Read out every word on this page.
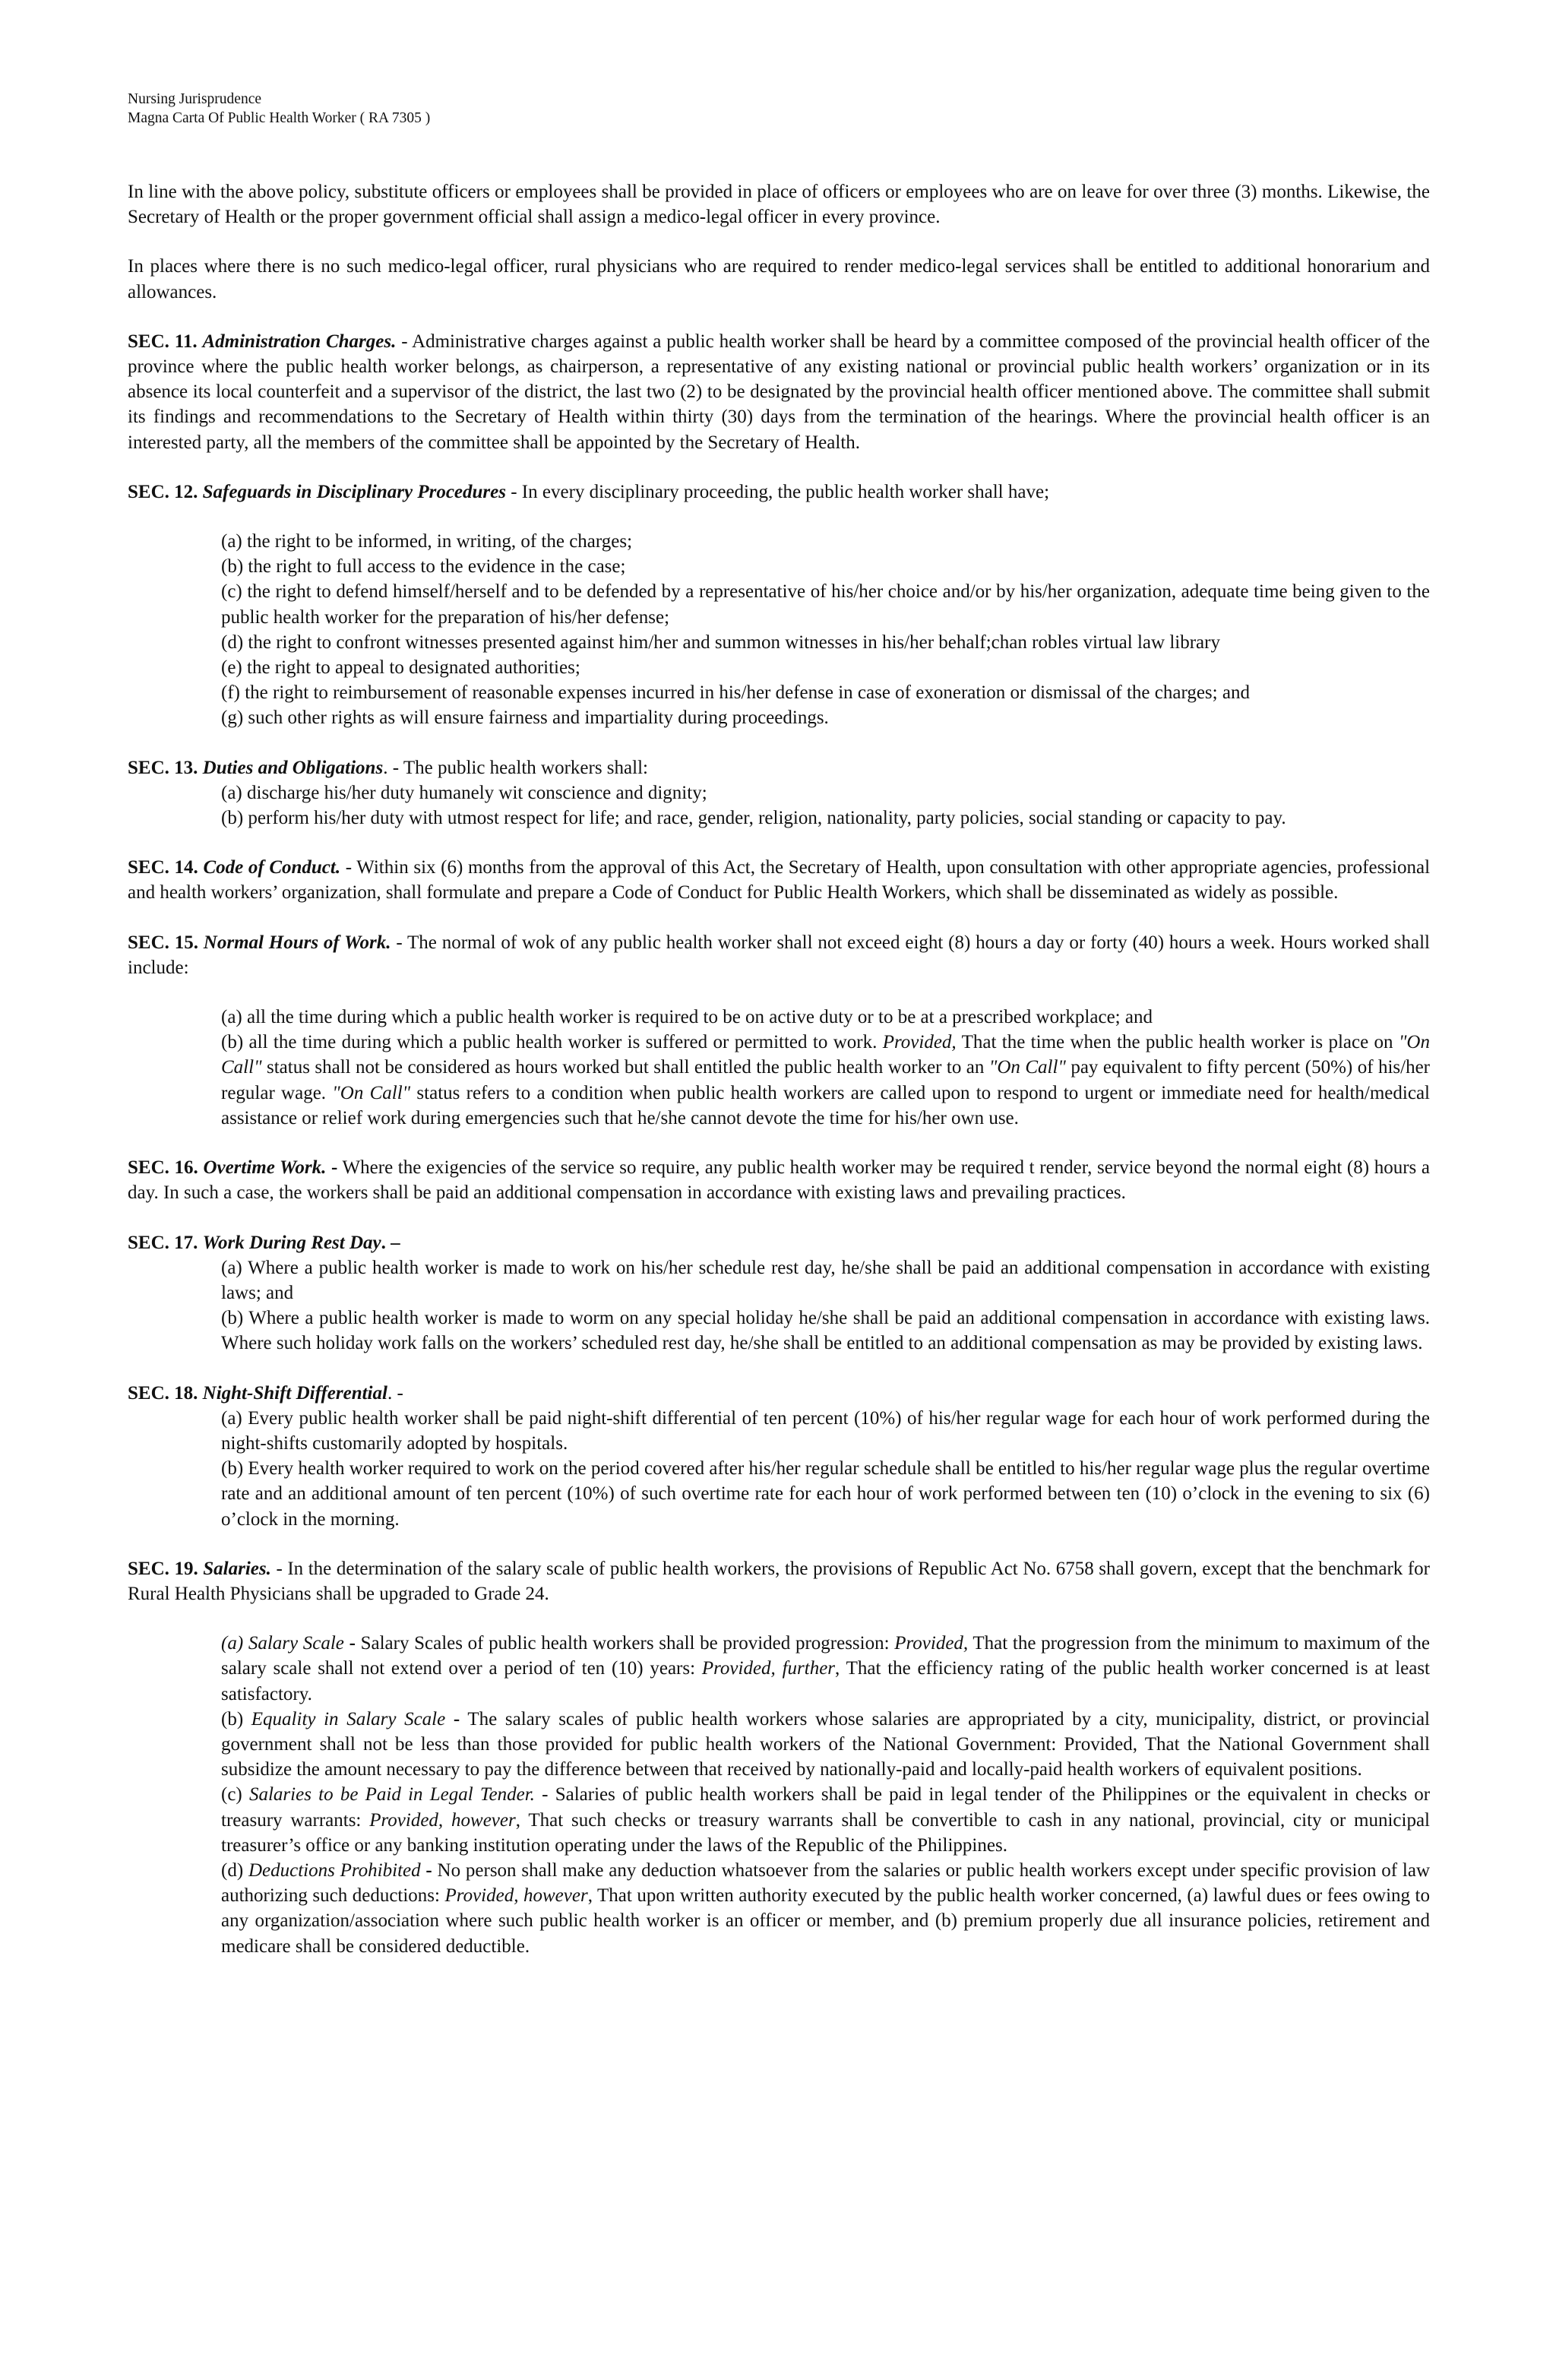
Nursing Jurisprudence
Magna Carta Of Public Health Worker ( RA 7305 )

In line with the above policy, substitute officers or employees shall be provided in place of officers or employees who are on leave for over three (3) months. Likewise, the Secretary of Health or the proper government official shall assign a medico-legal officer in every province.

In places where there is no such medico-legal officer, rural physicians who are required to render medico-legal services shall be entitled to additional honorarium and allowances.

SEC. 11. Administration Charges. - Administrative charges against a public health worker shall be heard by a committee composed of the provincial health officer of the province where the public health worker belongs, as chairperson, a representative of any existing national or provincial public health workers’ organization or in its absence its local counterfeit and a supervisor of the district, the last two (2) to be designated by the provincial health officer mentioned above. The committee shall submit its findings and recommendations to the Secretary of Health within thirty (30) days from the termination of the hearings. Where the provincial health officer is an interested party, all the members of the committee shall be appointed by the Secretary of Health.
SEC. 12. Safeguards in Disciplinary Procedures - In every disciplinary proceeding, the public health worker shall have;
(a) the right to be informed, in writing, of the charges;
(b) the right to full access to the evidence in the case;
(c) the right to defend himself/herself and to be defended by a representative of his/her choice and/or by his/her organization, adequate time being given to the public health worker for the preparation of his/her defense;
(d) the right to confront witnesses presented against him/her and summon witnesses in his/her behalf;chan robles virtual law library
(e) the right to appeal to designated authorities;
(f) the right to reimbursement of reasonable expenses incurred in his/her defense in case of exoneration or dismissal of the charges; and
(g) such other rights as will ensure fairness and impartiality during proceedings.
SEC. 13. Duties and Obligations. - The public health workers shall:
(a) discharge his/her duty humanely wit conscience and dignity;
(b) perform his/her duty with utmost respect for life; and race, gender, religion, nationality, party policies, social standing or capacity to pay.
SEC. 14. Code of Conduct. - Within six (6) months from the approval of this Act, the Secretary of Health, upon consultation with other appropriate agencies, professional and health workers’ organization, shall formulate and prepare a Code of Conduct for Public Health Workers, which shall be disseminated as widely as possible.
SEC. 15. Normal Hours of Work. - The normal of wok of any public health worker shall not exceed eight (8) hours a day or forty (40) hours a week. Hours worked shall include:
(a) all the time during which a public health worker is required to be on active duty or to be at a prescribed workplace; and
(b) all the time during which a public health worker is suffered or permitted to work. Provided, That the time when the public health worker is place on "On Call" status shall not be considered as hours worked but shall entitled the public health worker to an "On Call" pay equivalent to fifty percent (50%) of his/her regular wage. "On Call" status refers to a condition when public health workers are called upon to respond to urgent or immediate need for health/medical assistance or relief work during emergencies such that he/she cannot devote the time for his/her own use.
SEC. 16. Overtime Work. - Where the exigencies of the service so require, any public health worker may be required t render, service beyond the normal eight (8) hours a day. In such a case, the workers shall be paid an additional compensation in accordance with existing laws and prevailing practices.
SEC. 17. Work During Rest Day. –
(a) Where a public health worker is made to work on his/her schedule rest day, he/she shall be paid an additional compensation in accordance with existing laws; and
(b) Where a public health worker is made to worm on any special holiday he/she shall be paid an additional compensation in accordance with existing laws. Where such holiday work falls on the workers’ scheduled rest day, he/she shall be entitled to an additional compensation as may be provided by existing laws.
SEC. 18. Night-Shift Differential. -
(a) Every public health worker shall be paid night-shift differential of ten percent (10%) of his/her regular wage for each hour of work performed during the night-shifts customarily adopted by hospitals.
(b) Every health worker required to work on the period covered after his/her regular schedule shall be entitled to his/her regular wage plus the regular overtime rate and an additional amount of ten percent (10%) of such overtime rate for each hour of work performed between ten (10) o’clock in the evening to six (6) o’clock in the morning.
SEC. 19. Salaries. - In the determination of the salary scale of public health workers, the provisions of Republic Act No. 6758 shall govern, except that the benchmark for Rural Health Physicians shall be upgraded to Grade 24.
(a) Salary Scale - Salary Scales of public health workers shall be provided progression: Provided, That the progression from the minimum to maximum of the salary scale shall not extend over a period of ten (10) years: Provided, further, That the efficiency rating of the public health worker concerned is at least satisfactory.
(b) Equality in Salary Scale - The salary scales of public health workers whose salaries are appropriated by a city, municipality, district, or provincial government shall not be less than those provided for public health workers of the National Government: Provided, That the National Government shall subsidize the amount necessary to pay the difference between that received by nationally-paid and locally-paid health workers of equivalent positions.
(c) Salaries to be Paid in Legal Tender. - Salaries of public health workers shall be paid in legal tender of the Philippines or the equivalent in checks or treasury warrants: Provided, however, That such checks or treasury warrants shall be convertible to cash in any national, provincial, city or municipal treasurer’s office or any banking institution operating under the laws of the Republic of the Philippines.
(d) Deductions Prohibited - No person shall make any deduction whatsoever from the salaries or public health workers except under specific provision of law authorizing such deductions: Provided, however, That upon written authority executed by the public health worker concerned, (a) lawful dues or fees owing to any organization/association where such public health worker is an officer or member, and (b) premium properly due all insurance policies, retirement and medicare shall be considered deductible.
